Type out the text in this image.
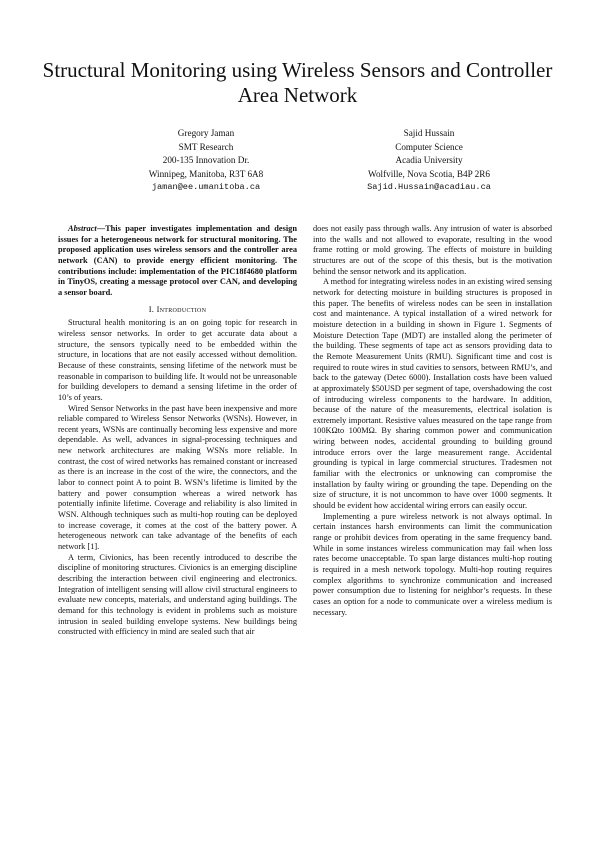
Structural Monitoring using Wireless Sensors and Controller Area Network
Gregory Jaman
SMT Research
200-135 Innovation Dr.
Winnipeg, Manitoba, R3T 6A8
jaman@ee.umanitoba.ca
Sajid Hussain
Computer Science
Acadia University
Wolfville, Nova Scotia, B4P 2R6
Sajid.Hussain@acadiau.ca

Abstract—This paper investigates implementation and design issues for a heterogeneous network for structural monitoring. The proposed application uses wireless sensors and the controller area network (CAN) to provide energy efficient monitoring. The contributions include: implementation of the PIC18f4680 platform in TinyOS, creating a message protocol over CAN, and developing a sensor board.

I. Introduction

Structural health monitoring is an on going topic for research in wireless sensor networks. In order to get accurate data about a structure, the sensors typically need to be embedded within the structure, in locations that are not easily accessed without demolition. Because of these constraints, sensing lifetime of the network must be reasonable in comparison to building life. It would not be unreasonable for building developers to demand a sensing lifetime in the order of 10’s of years.

Wired Sensor Networks in the past have been inexpensive and more reliable compared to Wireless Sensor Networks (WSNs). However, in recent years, WSNs are continually becoming less expensive and more dependable. As well, advances in signal-processing techniques and new network architectures are making WSNs more reliable. In contrast, the cost of wired networks has remained constant or increased as there is an increase in the cost of the wire, the connectors, and the labor to connect point A to point B. WSN’s lifetime is limited by the battery and power consumption whereas a wired network has potentially infinite lifetime. Coverage and reliability is also limited in WSN. Although techniques such as multi-hop routing can be deployed to increase coverage, it comes at the cost of the battery power. A heterogeneous network can take advantage of the benefits of each network [1].

A term, Civionics, has been recently introduced to describe the discipline of monitoring structures. Civionics is an emerging discipline describing the interaction between civil engineering and electronics. Integration of intelligent sensing will allow civil structural engineers to evaluate new concepts, materials, and understand aging buildings. The demand for this technology is evident in problems such as moisture intrusion in sealed building envelope systems. New buildings being constructed with efficiency in mind are sealed such that air

does not easily pass through walls. Any intrusion of water is absorbed into the walls and not allowed to evaporate, resulting in the wood frame rotting or mold growing. The effects of moisture in building structures are out of the scope of this thesis, but is the motivation behind the sensor network and its application.

A method for integrating wireless nodes in an existing wired sensing network for detecting moisture in building structures is proposed in this paper. The benefits of wireless nodes can be seen in installation cost and maintenance. A typical installation of a wired network for moisture detection in a building in shown in Figure 1. Segments of Moisture Detection Tape (MDT) are installed along the perimeter of the building. These segments of tape act as sensors providing data to the Remote Measurement Units (RMU). Significant time and cost is required to route wires in stud cavities to sensors, between RMU’s, and back to the gateway (Detec 6000). Installation costs have been valued at approximately $50USD per segment of tape, overshadowing the cost of introducing wireless components to the hardware. In addition, because of the nature of the measurements, electrical isolation is extremely important. Resistive values measured on the tape range from 100KΩto 100MΩ. By sharing common power and communication wiring between nodes, accidental grounding to building ground introduce errors over the large measurement range. Accidental grounding is typical in large commercial structures. Tradesmen not familiar with the electronics or unknowing can compromise the installation by faulty wiring or grounding the tape. Depending on the size of structure, it is not uncommon to have over 1000 segments. It should be evident how accidental wiring errors can easily occur.

Implementing a pure wireless network is not always optimal. In certain instances harsh environments can limit the communication range or prohibit devices from operating in the same frequency band. While in some instances wireless communication may fail when loss rates become unacceptable. To span large distances multi-hop routing is required in a mesh network topology. Multi-hop routing requires complex algorithms to synchronize communication and increased power consumption due to listening for neighbor’s requests. In these cases an option for a node to communicate over a wireless medium is necessary.
